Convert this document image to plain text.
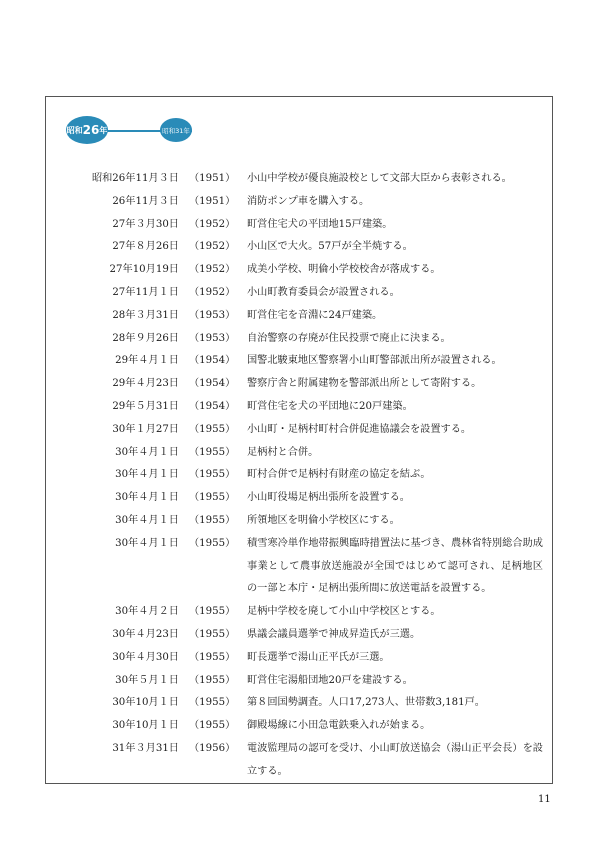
昭和 26 年	昭和31年
昭和26年11月３日 （1951）	小山中学校が優良施設校として文部大臣から表彰される。
26年11月３日 （1951）	消防ポンプ車を購入する。
27年３月30日 （1952）	町営住宅犬の平団地15戸建築。
27年８月26日 （1952）	小山区で大火。57戸が全半焼する。
27年10月19日 （1952）	成美小学校、明倫小学校校舎が落成する。
27年11月１日 （1952）	小山町教育委員会が設置される。
28年３月31日 （1953）	町営住宅を音淵に24戸建築。
28年９月26日 （1953）	自治警察の存廃が住民投票で廃止に決まる。
29年４月１日 （1954）	国警北駿東地区警察署小山町警部派出所が設置される。
29年４月23日 （1954）	警察庁舎と附属建物を警部派出所として寄附する。
29年５月31日 （1954）	町営住宅を犬の平団地に20戸建築。
30年１月27日 （1955）	小山町・足柄村町村合併促進協議会を設置する。
30年４月１日 （1955）	足柄村と合併。
30年４月１日 （1955）	町村合併で足柄村有財産の協定を結ぶ。
30年４月１日 （1955）	小山町役場足柄出張所を設置する。
30年４月１日 （1955）	所領地区を明倫小学校区にする。
30年４月１日 （1955）	積雪寒冷単作地帯振興臨時措置法に基づき、農林省特別総合助成事業として農事放送施設が全国ではじめて認可され、足柄地区の一部と本庁・足柄出張所間に放送電話を設置する。
30年４月２日 （1955）	足柄中学校を廃して小山中学校区とする。
30年４月23日 （1955）	県議会議員選挙で神成昇造氏が三選。
30年４月30日 （1955）	町長選挙で湯山正平氏が三選。
30年５月１日 （1955）	町営住宅湯船団地20戸を建設する。
30年10月１日 （1955）	第８回国勢調査。人口17,273人、世帯数3,181戸。
30年10月１日 （1955）	御殿場線に小田急電鉄乗入れが始まる。
31年３月31日 （1956）	電波監理局の認可を受け、小山町放送協会（湯山正平会長）を設立する。
11
